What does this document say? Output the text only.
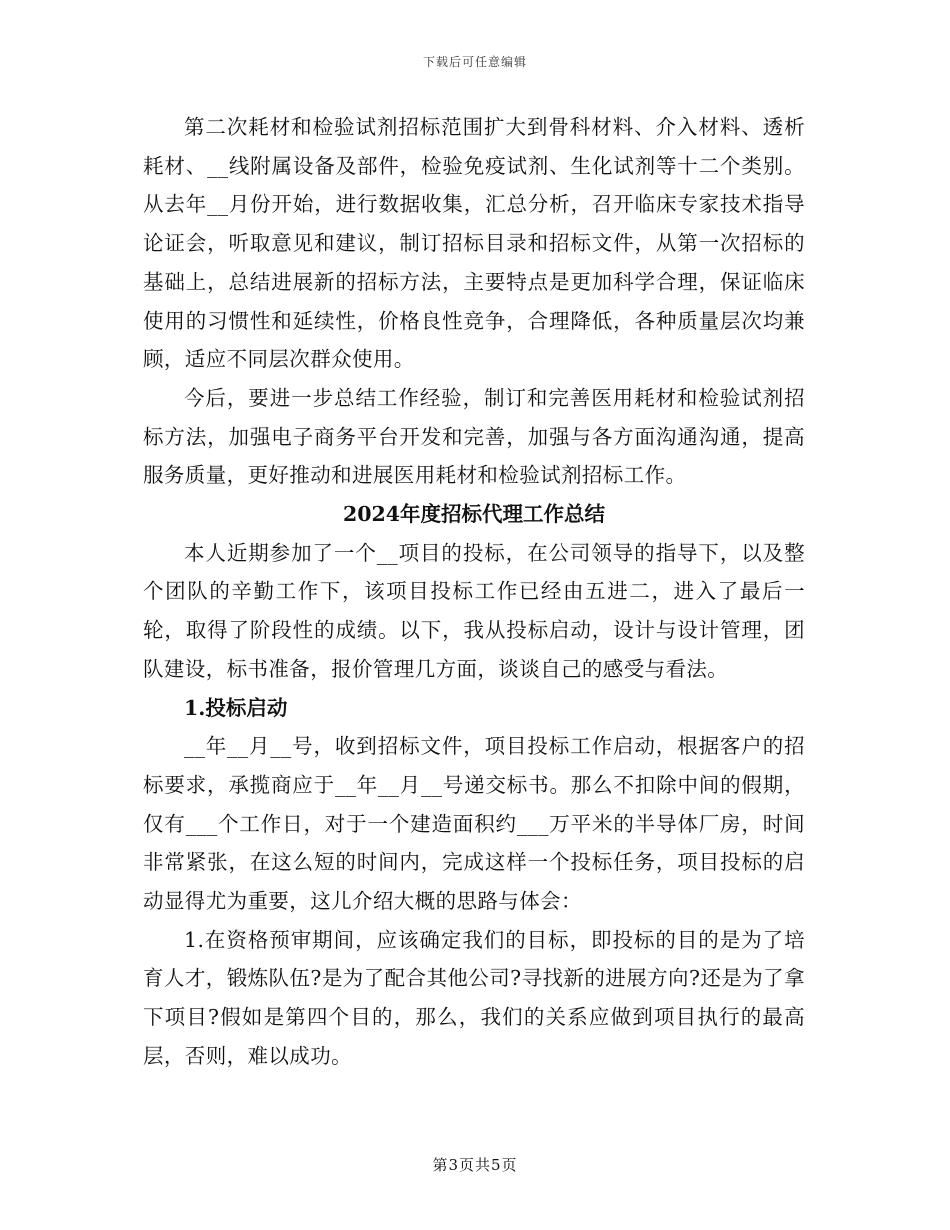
下载后可任意编辑

第二次耗材和检验试剂招标范围扩大到骨科材料、介入材料、透析耗材、__线附属设备及部件，检验免疫试剂、生化试剂等十二个类别。从去年__月份开始，进行数据收集，汇总分析，召开临床专家技术指导论证会，听取意见和建议，制订招标目录和招标文件，从第一次招标的基础上，总结进展新的招标方法，主要特点是更加科学合理，保证临床使用的习惯性和延续性，价格良性竞争，合理降低，各种质量层次均兼顾，适应不同层次群众使用。

今后，要进一步总结工作经验，制订和完善医用耗材和检验试剂招标方法，加强电子商务平台开发和完善，加强与各方面沟通沟通，提高服务质量，更好推动和进展医用耗材和检验试剂招标工作。

2024年度招标代理工作总结

本人近期参加了一个__项目的投标，在公司领导的指导下，以及整个团队的辛勤工作下，该项目投标工作已经由五进二，进入了最后一轮，取得了阶段性的成绩。以下，我从投标启动，设计与设计管理，团队建设，标书准备，报价管理几方面，谈谈自己的感受与看法。

1.投标启动

__年__月__号，收到招标文件，项目投标工作启动，根据客户的招标要求，承揽商应于__年__月__号递交标书。那么不扣除中间的假期，仅有___个工作日，对于一个建造面积约___万平米的半导体厂房，时间非常紧张，在这么短的时间内，完成这样一个投标任务，项目投标的启动显得尤为重要，这儿介绍大概的思路与体会：

1.在资格预审期间，应该确定我们的目标，即投标的目的是为了培育人才，锻炼队伍?是为了配合其他公司?寻找新的进展方向?还是为了拿下项目?假如是第四个目的，那么，我们的关系应做到项目执行的最高层，否则，难以成功。

第3页共5页
